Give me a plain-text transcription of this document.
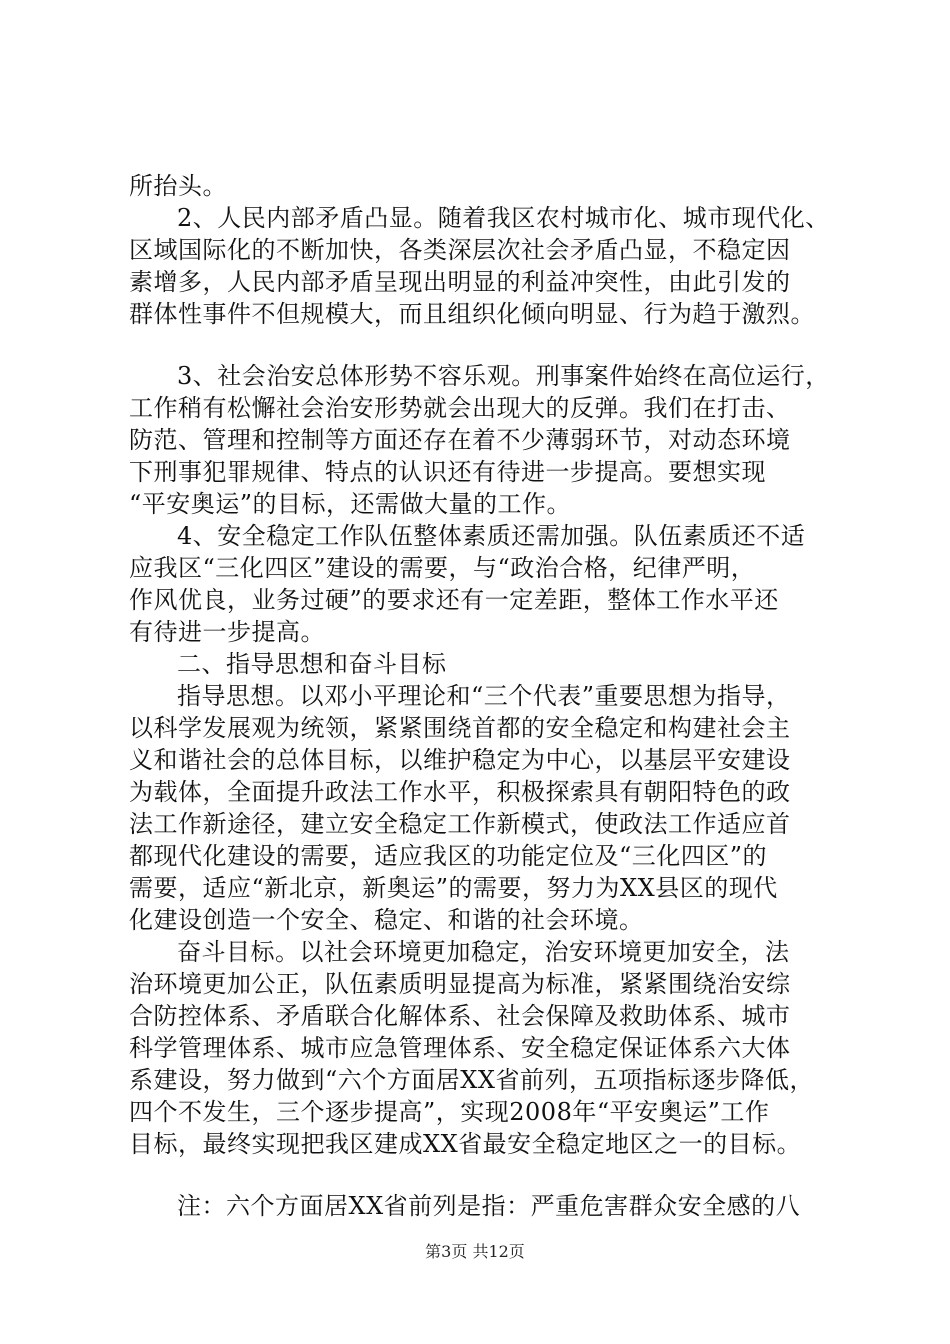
所抬头。
2、人民内部矛盾凸显。随着我区农村城市化、城市现代化、
区域国际化的不断加快，各类深层次社会矛盾凸显，不稳定因
素增多，人民内部矛盾呈现出明显的利益冲突性，由此引发的
群体性事件不但规模大，而且组织化倾向明显、行为趋于激烈。
3、社会治安总体形势不容乐观。刑事案件始终在高位运行，
工作稍有松懈社会治安形势就会出现大的反弹。我们在打击、
防范、管理和控制等方面还存在着不少薄弱环节，对动态环境
下刑事犯罪规律、特点的认识还有待进一步提高。要想实现
“平安奥运”的目标，还需做大量的工作。
4、安全稳定工作队伍整体素质还需加强。队伍素质还不适
应我区“三化四区”建设的需要，与“政治合格，纪律严明，
作风优良，业务过硬”的要求还有一定差距，整体工作水平还
有待进一步提高。
二、指导思想和奋斗目标
指导思想。以邓小平理论和“三个代表”重要思想为指导，
以科学发展观为统领，紧紧围绕首都的安全稳定和构建社会主
义和谐社会的总体目标，以维护稳定为中心，以基层平安建设
为载体，全面提升政法工作水平，积极探索具有朝阳特色的政
法工作新途径，建立安全稳定工作新模式，使政法工作适应首
都现代化建设的需要，适应我区的功能定位及“三化四区”的
需要，适应“新北京，新奥运”的需要，努力为XX县区的现代
化建设创造一个安全、稳定、和谐的社会环境。
奋斗目标。以社会环境更加稳定，治安环境更加安全，法
治环境更加公正，队伍素质明显提高为标准，紧紧围绕治安综
合防控体系、矛盾联合化解体系、社会保障及救助体系、城市
科学管理体系、城市应急管理体系、安全稳定保证体系六大体
系建设，努力做到“六个方面居XX省前列，五项指标逐步降低，
四个不发生，三个逐步提高”，实现2008年“平安奥运”工作
目标，最终实现把我区建成XX省最安全稳定地区之一的目标。
注：六个方面居XX省前列是指：严重危害群众安全感的八
第3页 共12页
